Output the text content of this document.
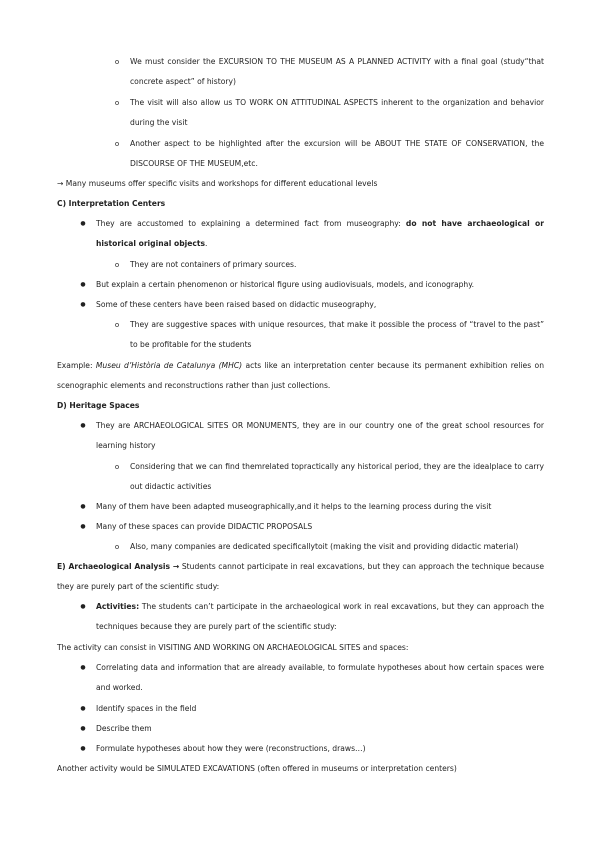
o	We must consider the EXCURSION TO THE MUSEUM AS A PLANNED ACTIVITY with a final goal (study“that concrete aspect” of history)
o	The visit will also allow us TO WORK ON ATTITUDINAL ASPECTS inherent to the organization and behavior during the visit
o	Another aspect to be highlighted after the excursion will be ABOUT THE STATE OF CONSERVATION, the DISCOURSE OF THE MUSEUM,etc.
→ Many museums offer specific visits and workshops for different educational levels
C) Interpretation Centers
●	They are accustomed to explaining a determined fact from museography: do not have archaeological or historical original objects.
o	They are not containers of primary sources.
●	But explain a certain phenomenon or historical figure using audiovisuals, models, and iconography.
●	Some of these centers have been raised based on didactic museography,
o	They are suggestive spaces with unique resources, that make it possible the process of “travel to the past” to be profitable for the students
Example: Museu d’Història de Catalunya (MHC) acts like an interpretation center because its permanent exhibition relies on scenographic elements and reconstructions rather than just collections.
D) Heritage Spaces
●	They are ARCHAEOLOGICAL SITES OR MONUMENTS, they are in our country one of the great school resources for learning history
o	Considering that we can find themrelated topractically any historical period, they are the idealplace to carry out didactic activities
●	Many of them have been adapted museographically,and it helps to the learning process during the visit
●	Many of these spaces can provide DIDACTIC PROPOSALS
o	Also, many companies are dedicated specificallytoit (making the visit and providing didactic material)
E) Archaeological Analysis → Students cannot participate in real excavations, but they can approach the technique because they are purely part of the scientific study:
●	Activities: The students can’t participate in the archaeological work in real excavations, but they can approach the techniques because they are purely part of the scientific study:
The activity can consist in VISITING AND WORKING ON ARCHAEOLOGICAL SITES and spaces:
●	Correlating data and information that are already available, to formulate hypotheses about how certain spaces were and worked.
●	Identify spaces in the field
●	Describe them
●	Formulate hypotheses about how they were (reconstructions, draws…)
Another activity would be SIMULATED EXCAVATIONS (often offered in museums or interpretation centers)
